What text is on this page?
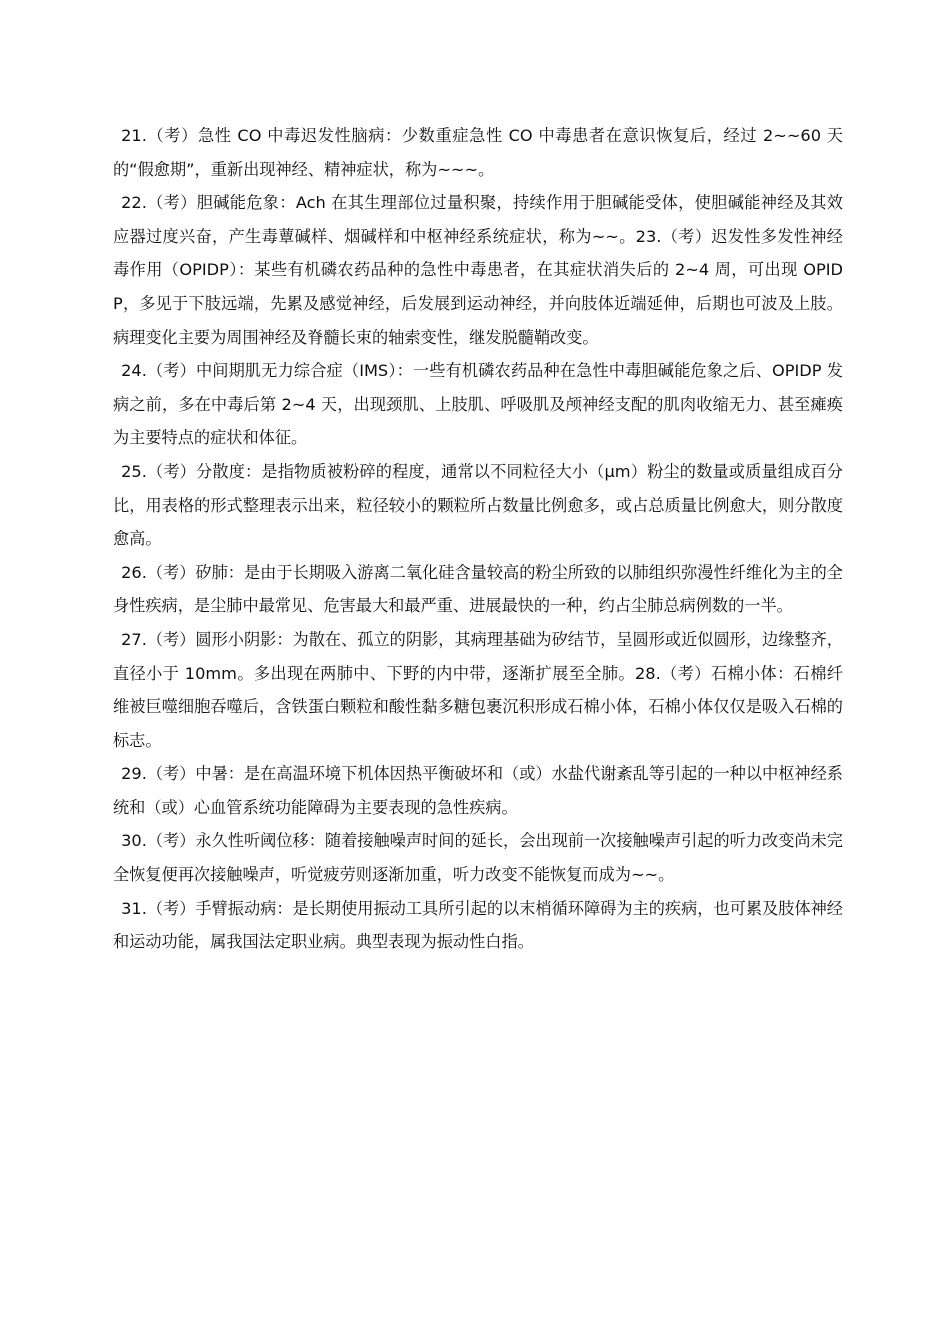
21.（考）急性 CO 中毒迟发性脑病：少数重症急性 CO 中毒患者在意识恢复后，经过 2~~60 天的“假愈期”，重新出现神经、精神症状，称为~~~。

22.（考）胆碱能危象：Ach 在其生理部位过量积聚，持续作用于胆碱能受体，使胆碱能神经及其效应器过度兴奋，产生毒蕈碱样、烟碱样和中枢神经系统症状，称为~~。23.（考）迟发性多发性神经毒作用（OPIDP）：某些有机磷农药品种的急性中毒患者，在其症状消失后的 2~4 周，可出现 OPIDP，多见于下肢远端，先累及感觉神经，后发展到运动神经，并向肢体近端延伸，后期也可波及上肢。病理变化主要为周围神经及脊髓长束的轴索变性，继发脱髓鞘改变。

24.（考）中间期肌无力综合症（IMS）：一些有机磷农药品种在急性中毒胆碱能危象之后、OPIDP 发病之前，多在中毒后第 2~4 天，出现颈肌、上肢肌、呼吸肌及颅神经支配的肌肉收缩无力、甚至瘫痪为主要特点的症状和体征。

25.（考）分散度：是指物质被粉碎的程度，通常以不同粒径大小（μm）粉尘的数量或质量组成百分比，用表格的形式整理表示出来，粒径较小的颗粒所占数量比例愈多，或占总质量比例愈大，则分散度愈高。

26.（考）矽肺：是由于长期吸入游离二氧化硅含量较高的粉尘所致的以肺组织弥漫性纤维化为主的全身性疾病，是尘肺中最常见、危害最大和最严重、进展最快的一种，约占尘肺总病例数的一半。

27.（考）圆形小阴影：为散在、孤立的阴影，其病理基础为矽结节，呈圆形或近似圆形，边缘整齐，直径小于 10mm。多出现在两肺中、下野的内中带，逐渐扩展至全肺。28.（考）石棉小体：石棉纤维被巨噬细胞吞噬后，含铁蛋白颗粒和酸性黏多糖包裹沉积形成石棉小体，石棉小体仅仅是吸入石棉的标志。

29.（考）中暑：是在高温环境下机体因热平衡破坏和（或）水盐代谢紊乱等引起的一种以中枢神经系统和（或）心血管系统功能障碍为主要表现的急性疾病。

30.（考）永久性听阈位移：随着接触噪声时间的延长，会出现前一次接触噪声引起的听力改变尚未完全恢复便再次接触噪声，听觉疲劳则逐渐加重，听力改变不能恢复而成为~~。

31.（考）手臂振动病：是长期使用振动工具所引起的以末梢循环障碍为主的疾病，也可累及肢体神经和运动功能，属我国法定职业病。典型表现为振动性白指。
